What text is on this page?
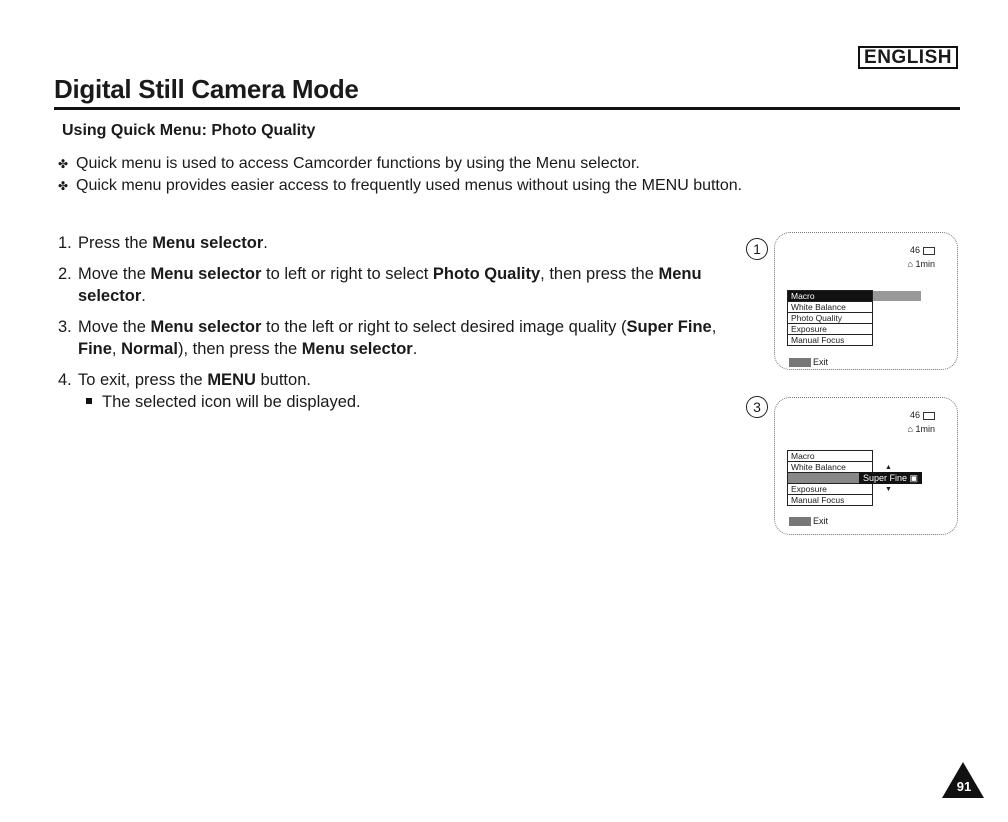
ENGLISH
Digital Still Camera Mode
Using Quick Menu: Photo Quality
✤ Quick menu is used to access Camcorder functions by using the Menu selector.
✤ Quick menu provides easier access to frequently used menus without using the MENU button.
1. Press the Menu selector.
2. Move the Menu selector to left or right to select Photo Quality, then press the Menu selector.
3. Move the Menu selector to the left or right to select desired image quality (Super Fine, Fine, Normal), then press the Menu selector.
4. To exit, press the MENU button.
The selected icon will be displayed.
1	46
⌂ 1min
Macro
White Balance
Photo Quality
Exposure
Manual Focus
Exit
3	46
⌂ 1min
Macro
White Balance
Photo Quality
Exposure
Manual Focus
▲
Super Fine ▣
▼
Exit
91
